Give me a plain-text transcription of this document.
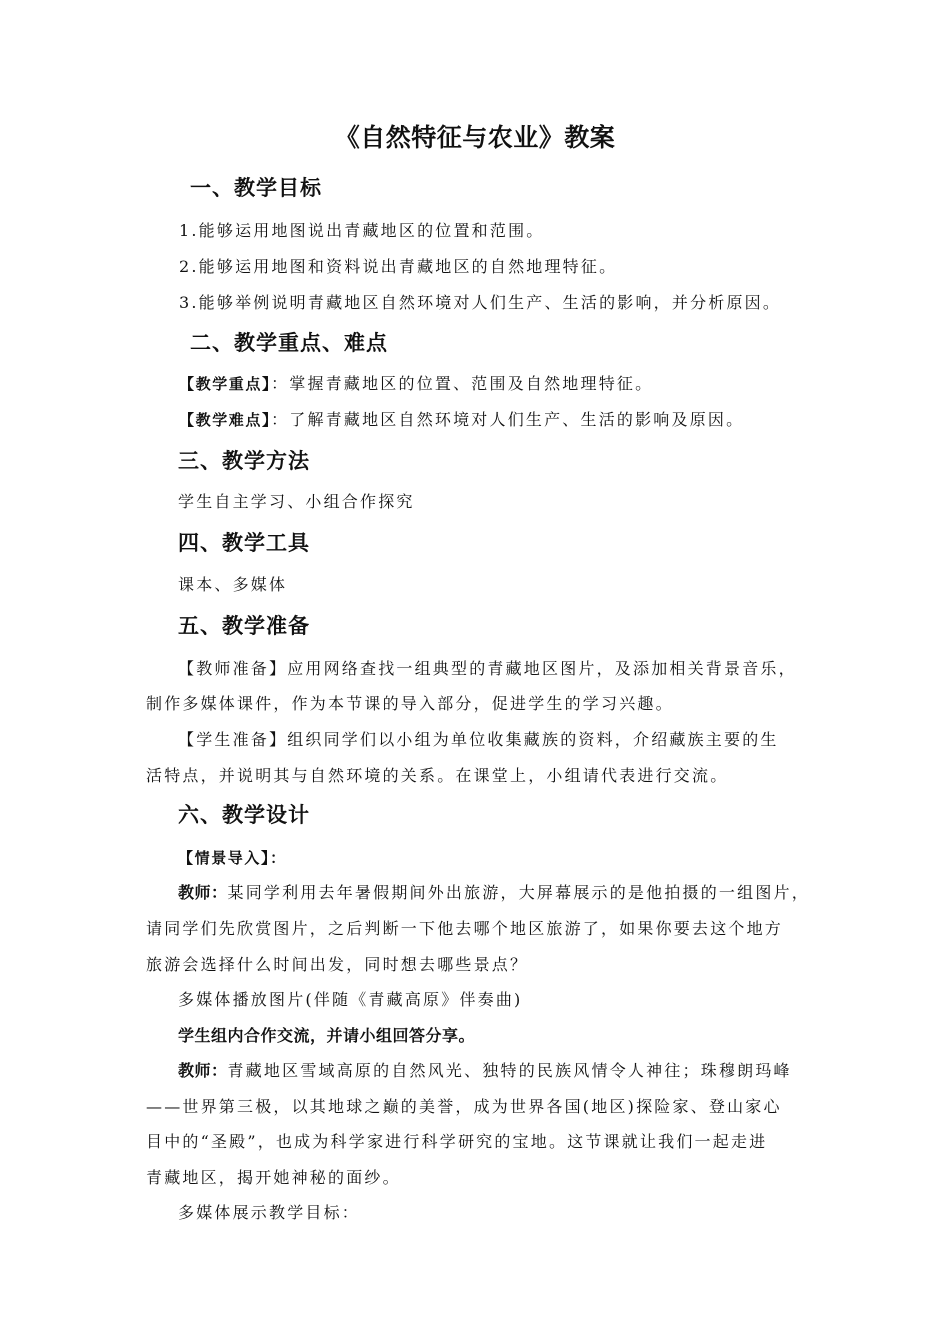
《自然特征与农业》教案
一、教学目标
1.能够运用地图说出青藏地区的位置和范围。
2.能够运用地图和资料说出青藏地区的自然地理特征。
3.能够举例说明青藏地区自然环境对人们生产、生活的影响，并分析原因。
二、教学重点、难点
【教学重点】：掌握青藏地区的位置、范围及自然地理特征。
【教学难点】：了解青藏地区自然环境对人们生产、生活的影响及原因。
三、教学方法
学生自主学习、小组合作探究
四、教学工具
课本、多媒体
五、教学准备
【教师准备】应用网络查找一组典型的青藏地区图片，及添加相关背景音乐，
制作多媒体课件，作为本节课的导入部分，促进学生的学习兴趣。
【学生准备】组织同学们以小组为单位收集藏族的资料，介绍藏族主要的生
活特点，并说明其与自然环境的关系。在课堂上，小组请代表进行交流。
六、教学设计
【情景导入】：
教师：某同学利用去年暑假期间外出旅游，大屏幕展示的是他拍摄的一组图片，
请同学们先欣赏图片，之后判断一下他去哪个地区旅游了，如果你要去这个地方
旅游会选择什么时间出发，同时想去哪些景点？
多媒体播放图片(伴随《青藏高原》伴奏曲)
学生组内合作交流，并请小组回答分享。
教师：青藏地区雪域高原的自然风光、独特的民族风情令人神往；珠穆朗玛峰
——世界第三极，以其地球之巅的美誉，成为世界各国(地区)探险家、登山家心
目中的“圣殿”，也成为科学家进行科学研究的宝地。这节课就让我们一起走进
青藏地区，揭开她神秘的面纱。
多媒体展示教学目标：
